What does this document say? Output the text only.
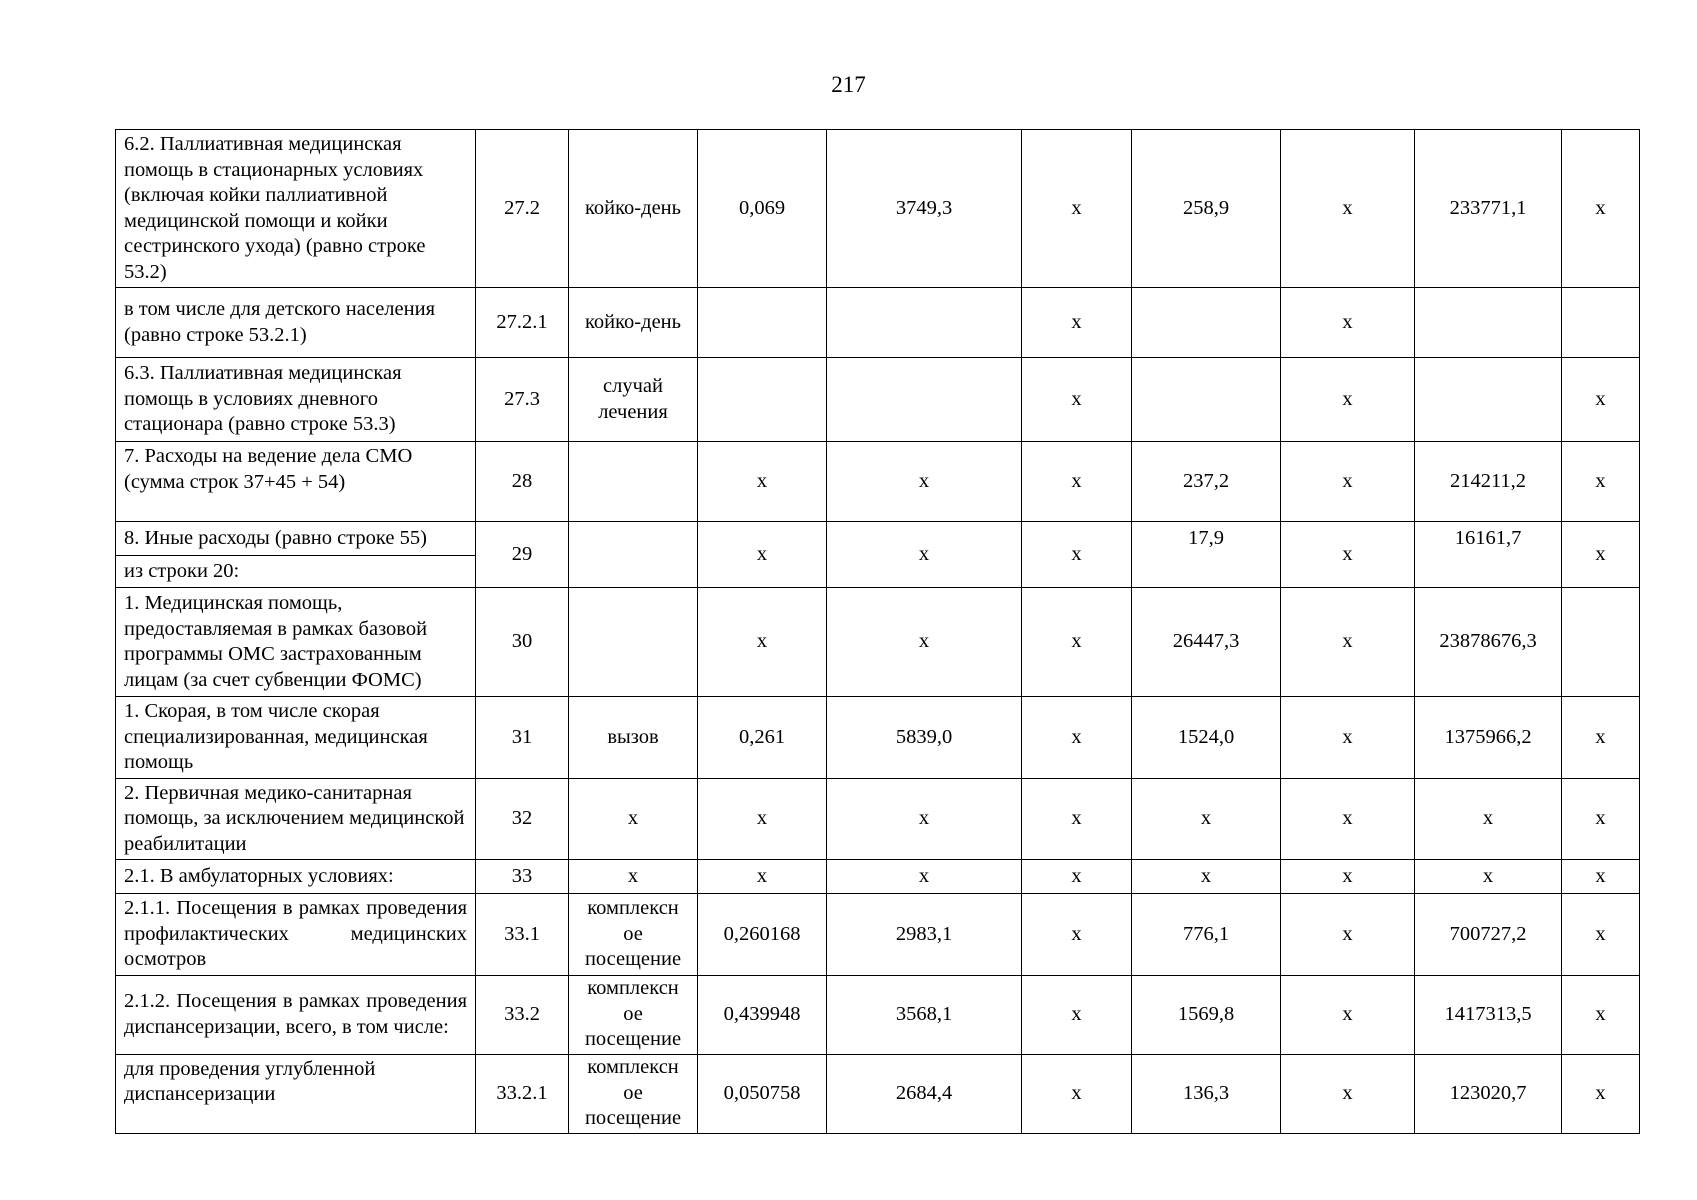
217
6.2. Паллиативная медицинская помощь в стационарных условиях (включая койки паллиативной медицинской помощи и койки сестринского ухода) (равно строке 53.2)	27.2	койко-день	0,069	3749,3	х	258,9	х	233771,1	х

в том числе для детского населения (равно строке 53.2.1)	27.2.1	койко-день			х		х		

6.3. Паллиативная медицинская помощь в условиях дневного стационара (равно строке 53.3)	27.3	случай лечения			х		х		х

7. Расходы на ведение дела СМО (сумма строк 37+45 + 54)	28		х	х	х	237,2	х	214211,2	х

8. Иные расходы (равно строке 55)	29		х	х	х	17,9	х	16161,7	х

из строки 20:									

1. Медицинская помощь, предоставляемая в рамках базовой программы ОМС застрахованным лицам (за счет субвенции ФОМС)	30		х	х	х	26447,3	х	23878676,3	

1. Скорая, в том числе скорая специализированная, медицинская помощь	31	вызов	0,261	5839,0	х	1524,0	х	1375966,2	х

2. Первичная медико-санитарная помощь, за исключением медицинской реабилитации	32	х	х	х	х	х	х	х	х

2.1. В амбулаторных условиях:	33	х	х	х	х	х	х	х	х

2.1.1. Посещения в рамках проведения профилактических медицинских осмотров	33.1	комплексн ое посещение	0,260168	2983,1	х	776,1	х	700727,2	х

2.1.2. Посещения в рамках проведения диспансеризации, всего, в том числе:	33.2	комплексн ое посещение	0,439948	3568,1	х	1569,8	х	1417313,5	х

для проведения углубленной диспансеризации	33.2.1	комплексн ое посещение	0,050758	2684,4	х	136,3	х	123020,7	х
